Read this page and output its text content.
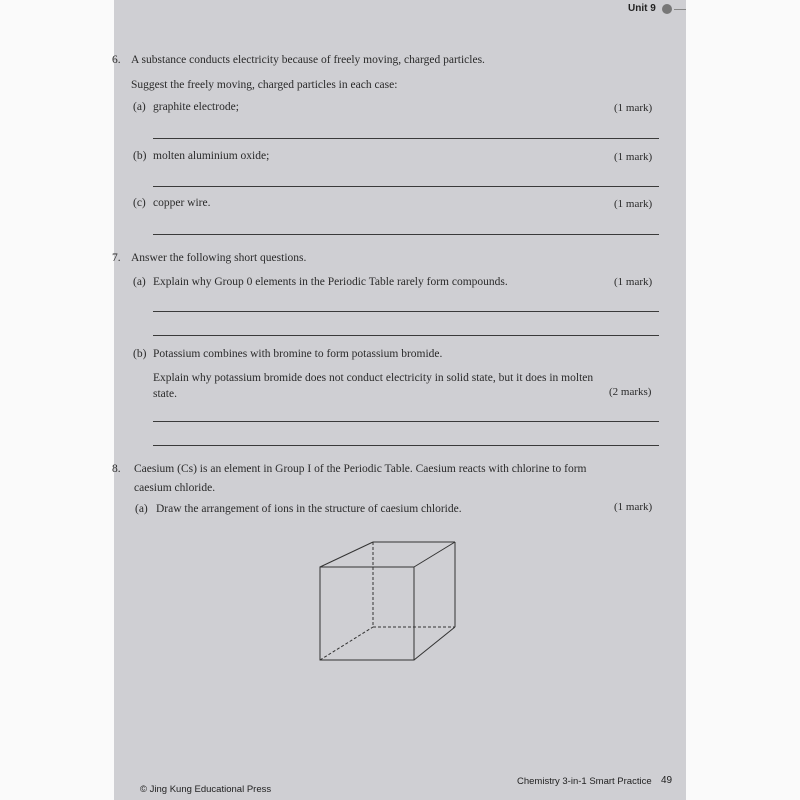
Unit 9
6. A substance conducts electricity because of freely moving, charged particles.
Suggest the freely moving, charged particles in each case:
(a) graphite electrode;	(1 mark)
(b) molten aluminium oxide;	(1 mark)
(c) copper wire.	(1 mark)
7. Answer the following short questions.
(a) Explain why Group 0 elements in the Periodic Table rarely form compounds.	(1 mark)
(b) Potassium combines with bromine to form potassium bromide.
Explain why potassium bromide does not conduct electricity in solid state, but it does in molten
state.	(2 marks)
8. Caesium (Cs) is an element in Group I of the Periodic Table. Caesium reacts with chlorine to form
caesium chloride.
(a) Draw the arrangement of ions in the structure of caesium chloride.	(1 mark)
© Jing Kung Educational Press
Chemistry 3-in-1 Smart Practice 49
